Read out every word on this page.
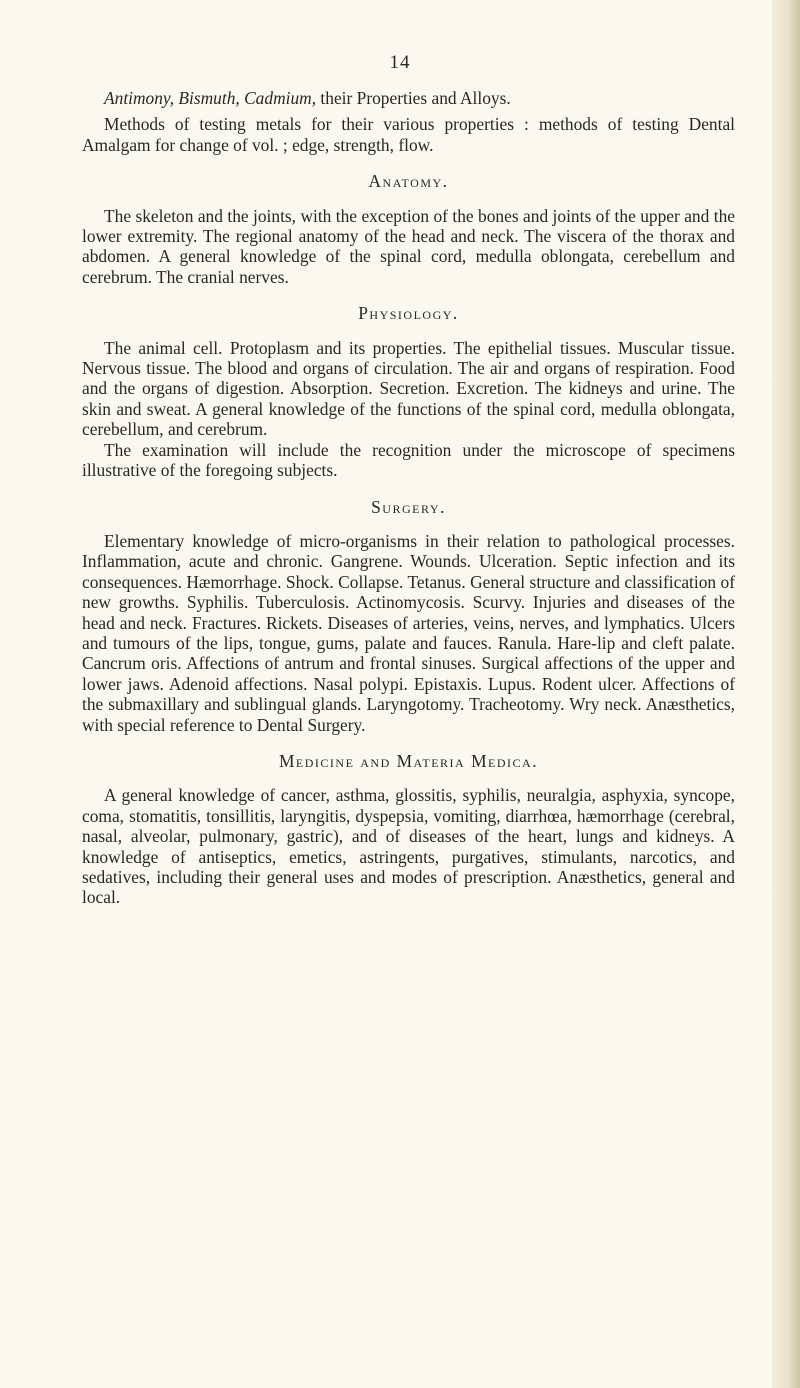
14

Antimony, Bismuth, Cadmium, their Properties and Alloys.

Methods of testing metals for their various properties : methods of testing Dental Amalgam for change of vol. ; edge, strength, flow.

Anatomy.

The skeleton and the joints, with the exception of the bones and joints of the upper and the lower extremity. The regional anatomy of the head and neck. The viscera of the thorax and abdomen. A general knowledge of the spinal cord, medulla oblongata, cerebellum and cerebrum. The cranial nerves.

Physiology.

The animal cell. Protoplasm and its properties. The epithelial tissues. Muscular tissue. Nervous tissue. The blood and organs of circulation. The air and organs of respiration. Food and the organs of digestion. Absorption. Secretion. Excretion. The kidneys and urine. The skin and sweat. A general knowledge of the functions of the spinal cord, medulla oblongata, cerebellum, and cerebrum.

The examination will include the recognition under the microscope of specimens illustrative of the foregoing subjects.

Surgery.

Elementary knowledge of micro-organisms in their relation to pathological processes. Inflammation, acute and chronic. Gangrene. Wounds. Ulceration. Septic infection and its consequences. Hæmorrhage. Shock. Collapse. Tetanus. General structure and classification of new growths. Syphilis. Tuberculosis. Actinomycosis. Scurvy. Injuries and diseases of the head and neck. Fractures. Rickets. Diseases of arteries, veins, nerves, and lymphatics. Ulcers and tumours of the lips, tongue, gums, palate and fauces. Ranula. Hare-lip and cleft palate. Cancrum oris. Affections of antrum and frontal sinuses. Surgical affections of the upper and lower jaws. Adenoid affections. Nasal polypi. Epistaxis. Lupus. Rodent ulcer. Affections of the submaxillary and sublingual glands. Laryngotomy. Tracheotomy. Wry neck. Anæsthetics, with special reference to Dental Surgery.

Medicine and Materia Medica.

A general knowledge of cancer, asthma, glossitis, syphilis, neuralgia, asphyxia, syncope, coma, stomatitis, tonsillitis, laryngitis, dyspepsia, vomiting, diarrhœa, hæmorrhage (cerebral, nasal, alveolar, pulmonary, gastric), and of diseases of the heart, lungs and kidneys. A knowledge of antiseptics, emetics, astringents, purgatives, stimulants, narcotics, and sedatives, including their general uses and modes of prescription. Anæsthetics, general and local.
